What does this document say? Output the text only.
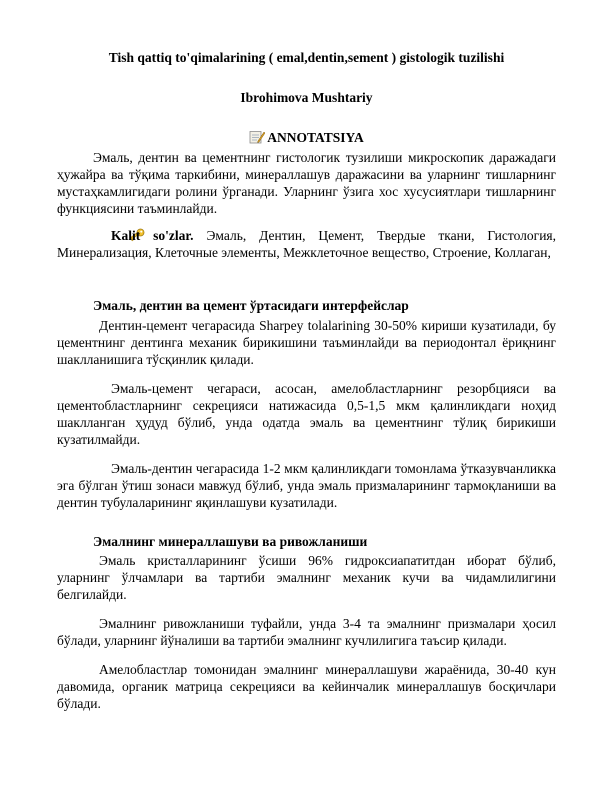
Tish qattiq to'qimalarining ( emal,dentin,sement ) gistologik tuzilishi
Ibrohimova Mushtariy
ANNOTATSIYA

Эмаль, дентин ва цементнинг гистологик тузилиши микроскопик даражадаги ҳужайра ва тўқима таркибини, минераллашув даражасини ва уларнинг тишларнинг мустаҳкамлигидаги ролини ўрганади. Уларнинг ўзига хос хусусиятлари тишларнинг функциясини таъминлайди.

Kalit so'zlar. Эмаль, Дентин, Цемент, Твердые ткани, Гистология, Минерализация, Клеточные элементы, Межклеточное вещество, Строение, Коллаган,

Эмаль, дентин ва цемент ўртасидаги интерфейслар

Дентин-цемент чегарасида Sharpey tolalarining 30-50% кириши кузатилади, бу цементнинг дентинга механик бирикишини таъминлайди ва периодонтал ёриқнинг шаклланишига тўсқинлик қилади.

Эмаль-цемент чегараси, асосан, амелобластларнинг резорбцияси ва цементобластларнинг секрецияси натижасида 0,5-1,5 мкм қалинликдаги ноҳид шаклланган ҳудуд бўлиб, унда одатда эмаль ва цементнинг тўлиқ бирикиши кузатилмайди.

Эмаль-дентин чегарасида 1-2 мкм қалинликдаги томонлама ўтказувчанликка эга бўлган ўтиш зонаси мавжуд бўлиб, унда эмаль призмаларининг тармоқланиши ва дентин тубулаларининг яқинлашуви кузатилади.

Эмалнинг минераллашуви ва ривожланиши

Эмаль кристалларининг ўсиши 96% гидроксиапатитдан иборат бўлиб, уларнинг ўлчамлари ва тартиби эмалнинг механик кучи ва чидамлилигини белгилайди.

Эмалнинг ривожланиши туфайли, унда 3-4 та эмалнинг призмалари ҳосил бўлади, уларнинг йўналиши ва тартиби эмалнинг кучлилигига таъсир қилади.

Амелобластлар томонидан эмалнинг минераллашуви жараёнида, 30-40 кун давомида, органик матрица секрецияси ва кейинчалик минераллашув босқичлари бўлади.
